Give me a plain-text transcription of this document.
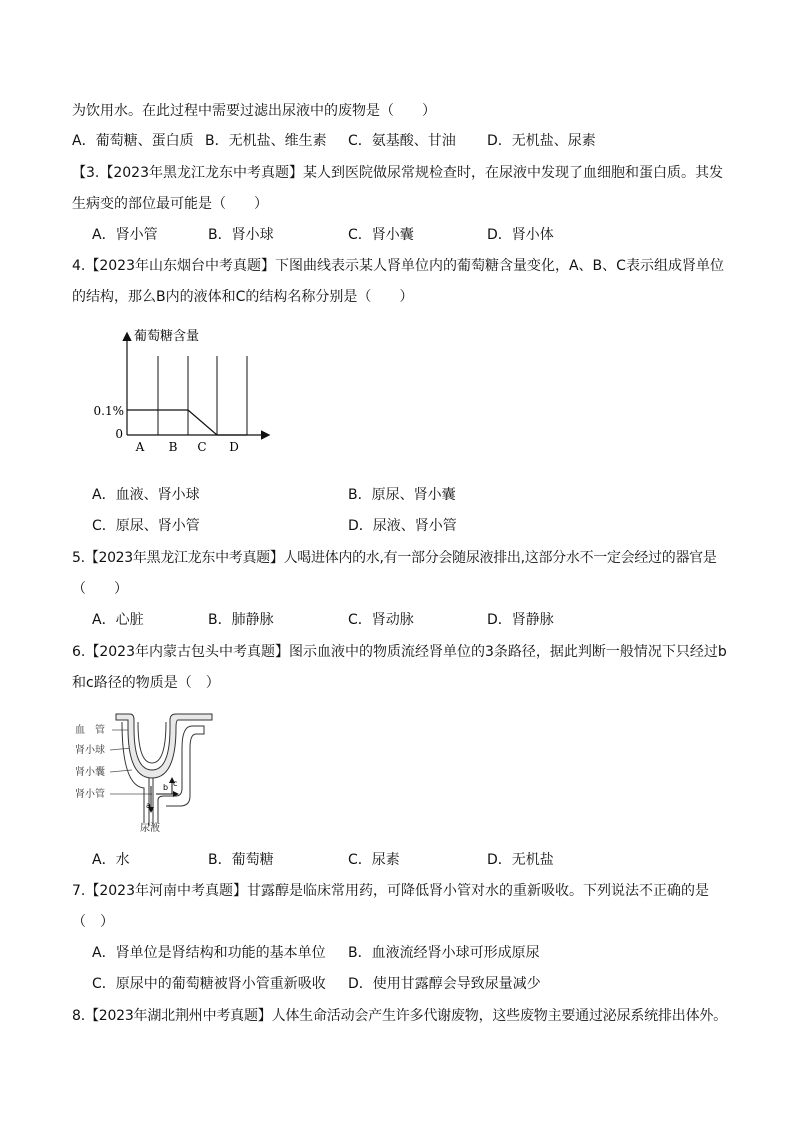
为饮用水。在此过程中需要过滤出尿液中的废物是（　　）
A．葡萄糖、蛋白质 B．无机盐、维生素 C．氨基酸、甘油 D．无机盐、尿素
【3.【2023年黑龙江龙东中考真题】某人到医院做尿常规检查时，在尿液中发现了血细胞和蛋白质。其发
生病变的部位最可能是（　　）
A．肾小管	B．肾小球	C．肾小囊	D．肾小体
4.【2023年山东烟台中考真题】下图曲线表示某人肾单位内的葡萄糖含量变化，A、B、C表示组成肾单位
的结构，那么B内的液体和C的结构名称分别是（　　）
葡萄糖含量
0.1%
0
A B C D
A．血液、肾小球	B．原尿、肾小囊
C．原尿、肾小管	D．尿液、肾小管
5.【2023年黑龙江龙东中考真题】人喝进体内的水,有一部分会随尿液排出,这部分水不一定会经过的器官是
（　　）
A．心脏	B．肺静脉	C．肾动脉	D．肾静脉
6.【2023年内蒙古包头中考真题】图示血液中的物质流经肾单位的3条路径，据此判断一般情况下只经过b
和c路径的物质是（　）
血　管
肾小球
肾小囊
肾小管
a
b c
尿液
A．水	B．葡萄糖	C．尿素	D．无机盐
7.【2023年河南中考真题】甘露醇是临床常用药，可降低肾小管对水的重新吸收。下列说法不正确的是
（　）
A．肾单位是肾结构和功能的基本单位 B．血液流经肾小球可形成原尿
C．原尿中的葡萄糖被肾小管重新吸收 D．使用甘露醇会导致尿量减少
8.【2023年湖北荆州中考真题】人体生命活动会产生许多代谢废物，这些废物主要通过泌尿系统排出体外。
